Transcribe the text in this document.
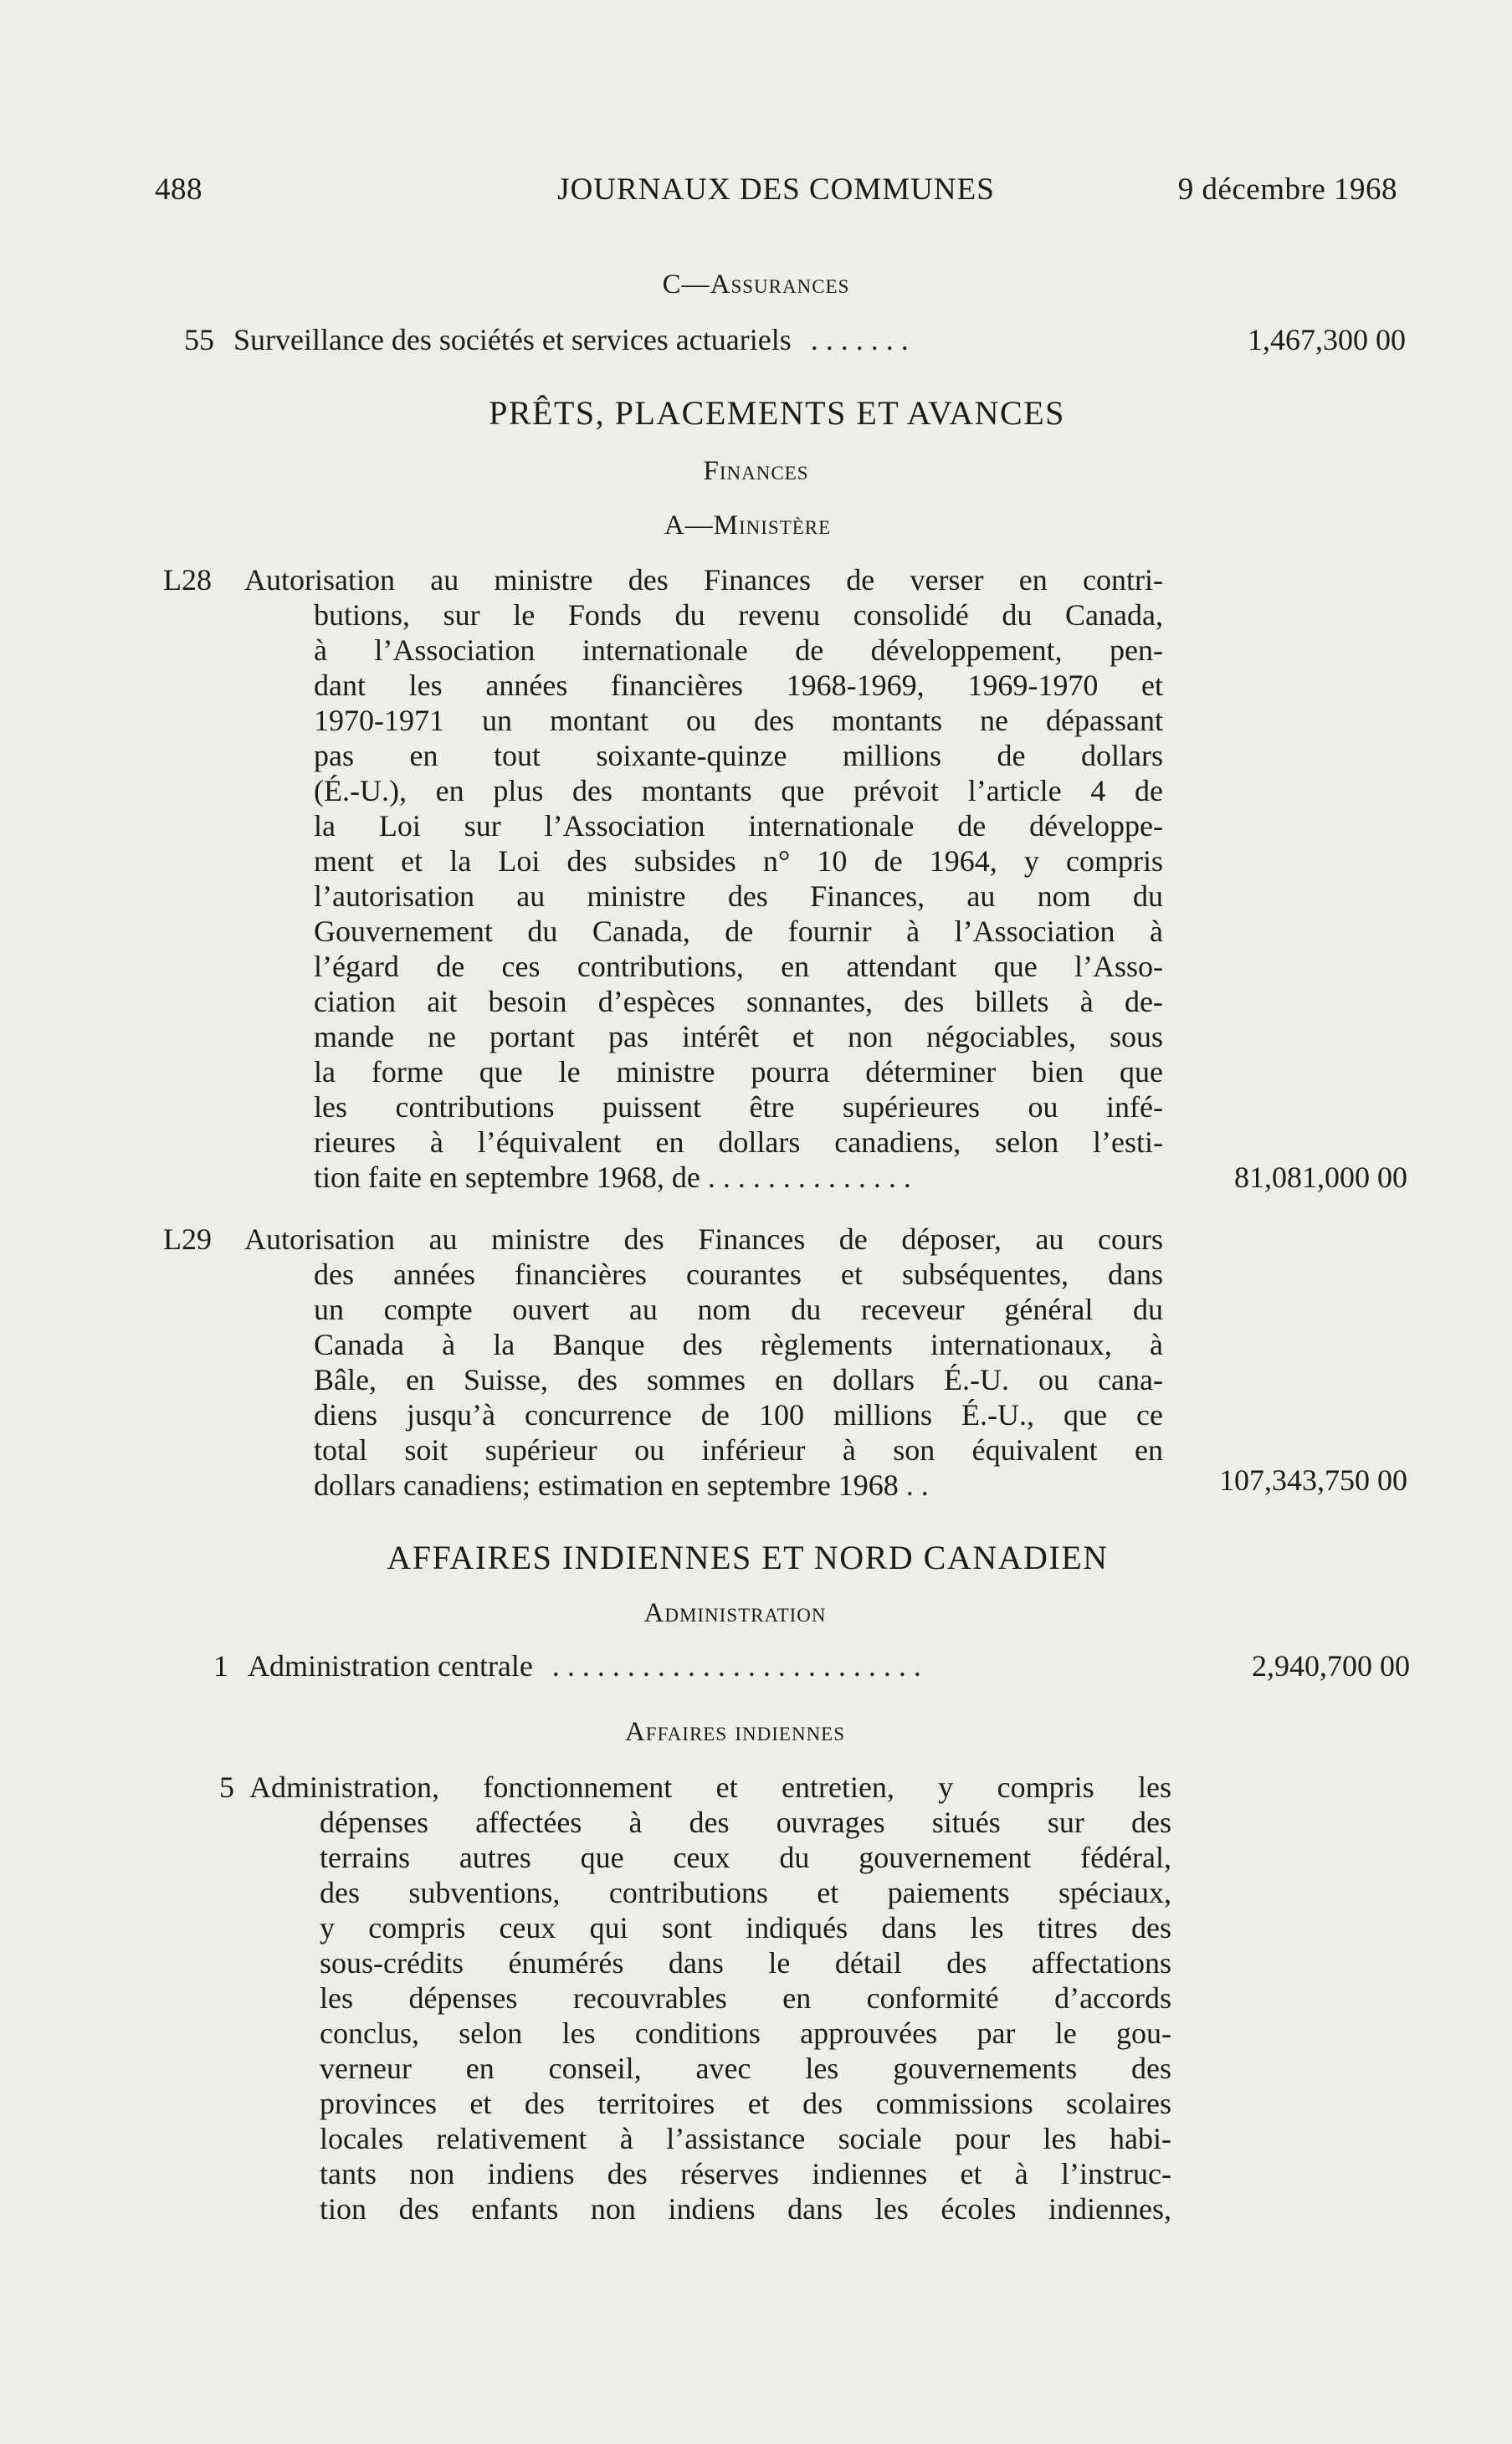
488	JOURNAUX DES COMMUNES	9 décembre 1968
C—Assurances
55 Surveillance des sociétés et services actuariels . . . . . . .	1,467,300 00
PRÊTS, PLACEMENTS ET AVANCES
Finances
A—Ministère
L28	Autorisation au ministre des Finances de verser en contri-
butions, sur le Fonds du revenu consolidé du Canada,
à l’Association internationale de développement, pen-
dant les années financières 1968-1969, 1969-1970 et
1970-1971 un montant ou des montants ne dépassant
pas en tout soixante-quinze millions de dollars
(É.-U.), en plus des montants que prévoit l’article 4 de
la Loi sur l’Association internationale de développe-
ment et la Loi des subsides n° 10 de 1964, y compris
l’autorisation au ministre des Finances, au nom du
Gouvernement du Canada, de fournir à l’Association à
l’égard de ces contributions, en attendant que l’Asso-
ciation ait besoin d’espèces sonnantes, des billets à de-
mande ne portant pas intérêt et non négociables, sous
la forme que le ministre pourra déterminer bien que
les contributions puissent être supérieures ou infé-
rieures à l’équivalent en dollars canadiens, selon l’esti-
tion faite en septembre 1968, de . . . . . . . . . . . . . .	81,081,000 00
L29	Autorisation au ministre des Finances de déposer, au cours
des années financières courantes et subséquentes, dans
un compte ouvert au nom du receveur général du
Canada à la Banque des règlements internationaux, à
Bâle, en Suisse, des sommes en dollars É.-U. ou cana-
diens jusqu’à concurrence de 100 millions É.-U., que ce
total soit supérieur ou inférieur à son équivalent en
dollars canadiens; estimation en septembre 1968 . .	107,343,750 00
AFFAIRES INDIENNES ET NORD CANADIEN
Administration
1 Administration centrale . . . . . . . . . . . . . . . . . . . . . . . . .	2,940,700 00
Affaires indiennes
5 Administration, fonctionnement et entretien, y compris les
dépenses affectées à des ouvrages situés sur des
terrains autres que ceux du gouvernement fédéral,
des subventions, contributions et paiements spéciaux,
y compris ceux qui sont indiqués dans les titres des
sous-crédits énumérés dans le détail des affectations
les dépenses recouvrables en conformité d’accords
conclus, selon les conditions approuvées par le gou-
verneur en conseil, avec les gouvernements des
provinces et des territoires et des commissions scolaires
locales relativement à l’assistance sociale pour les habi-
tants non indiens des réserves indiennes et à l’instruc-
tion des enfants non indiens dans les écoles indiennes,
